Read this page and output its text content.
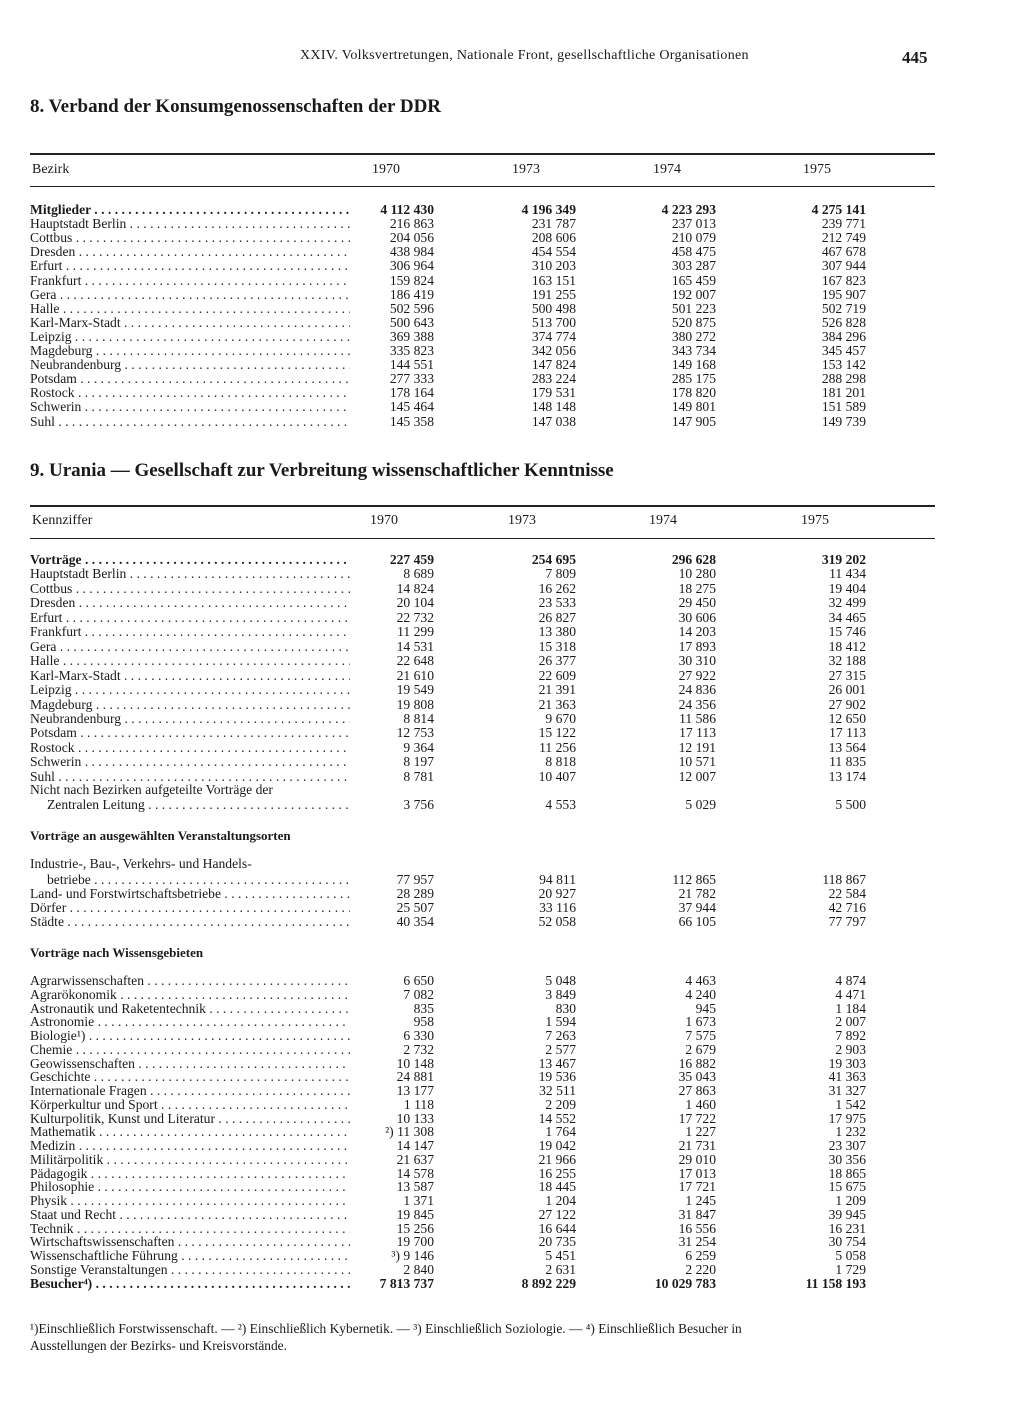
XXIV. Volksvertretungen, Nationale Front, gesellschaftliche Organisationen	445
8. Verband der Konsumgenossenschaften der DDR
Bezirk	1970	1973	1974	1975
Mitglieder . . .	4 112 430	4 196 349	4 223 293	4 275 141
Hauptstadt Berlin . . .	216 863	231 787	237 013	239 771
Cottbus . . .	204 056	208 606	210 079	212 749
Dresden . . .	438 984	454 554	458 475	467 678
Erfurt . . .	306 964	310 203	303 287	307 944
Frankfurt . . .	159 824	163 151	165 459	167 823
Gera . . .	186 419	191 255	192 007	195 907
Halle . . .	502 596	500 498	501 223	502 719
Karl-Marx-Stadt . . .	500 643	513 700	520 875	526 828
Leipzig . . .	369 388	374 774	380 272	384 296
Magdeburg . . .	335 823	342 056	343 734	345 457
Neubrandenburg . . .	144 551	147 824	149 168	153 142
Potsdam . . .	277 333	283 224	285 175	288 298
Rostock . . .	178 164	179 531	178 820	181 201
Schwerin . . .	145 464	148 148	149 801	151 589
Suhl . . .	145 358	147 038	147 905	149 739
9. Urania — Gesellschaft zur Verbreitung wissenschaftlicher Kenntnisse
Kennziffer	1970	1973	1974	1975
Vorträge . . .	227 459	254 695	296 628	319 202
Hauptstadt Berlin . . .	8 689	7 809	10 280	11 434
Cottbus . . .	14 824	16 262	18 275	19 404
Dresden . . .	20 104	23 533	29 450	32 499
Erfurt . . .	22 732	26 827	30 606	34 465
Frankfurt . . .	11 299	13 380	14 203	15 746
Gera . . .	14 531	15 318	17 893	18 412
Halle . . .	22 648	26 377	30 310	32 188
Karl-Marx-Stadt . . .	21 610	22 609	27 922	27 315
Leipzig . . .	19 549	21 391	24 836	26 001
Magdeburg . . .	19 808	21 363	24 356	27 902
Neubrandenburg . . .	8 814	9 670	11 586	12 650
Potsdam . . .	12 753	15 122	17 113	17 113
Rostock . . .	9 364	11 256	12 191	13 564
Schwerin . . .	8 197	8 818	10 571	11 835
Suhl . . .	8 781	10 407	12 007	13 174
Nicht nach Bezirken aufgeteilte Vorträge der
Zentralen Leitung . . .	3 756	4 553	5 029	5 500
Vorträge an ausgewählten Veranstaltungsorten
Industrie-, Bau-, Verkehrs- und Handels-
betriebe . . .	77 957	94 811	112 865	118 867
Land- und Forstwirtschaftsbetriebe . . .	28 289	20 927	21 782	22 584
Dörfer . . .	25 507	33 116	37 944	42 716
Städte . . .	40 354	52 058	66 105	77 797
Vorträge nach Wissensgebieten
Agrarwissenschaften . . .	6 650	5 048	4 463	4 874
Agrarökonomik . . .	7 082	3 849	4 240	4 471
Astronautik und Raketentechnik . . .	835	830	945	1 184
Astronomie . . .	958	1 594	1 673	2 007
Biologie¹) . . .	6 330	7 263	7 575	7 892
Chemie . . .	2 732	2 577	2 679	2 903
Geowissenschaften . . .	10 148	13 467	16 882	19 303
Geschichte . . .	24 881	19 536	35 043	41 363
Internationale Fragen . . .	13 177	32 511	27 863	31 327
Körperkultur und Sport . . .	1 118	2 209	1 460	1 542
Kulturpolitik, Kunst und Literatur . . .	10 133	14 552	17 722	17 975
Mathematik . . .	²) 11 308	1 764	1 227	1 232
Medizin . . .	14 147	19 042	21 731	23 307
Militärpolitik . . .	21 637	21 966	29 010	30 356
Pädagogik . . .	14 578	16 255	17 013	18 865
Philosophie . . .	13 587	18 445	17 721	15 675
Physik . . .	1 371	1 204	1 245	1 209
Staat und Recht . . .	19 845	27 122	31 847	39 945
Technik . . .	15 256	16 644	16 556	16 231
Wirtschaftswissenschaften . . .	19 700	20 735	31 254	30 754
Wissenschaftliche Führung . . .	³) 9 146	5 451	6 259	5 058
Sonstige Veranstaltungen . . .	2 840	2 631	2 220	1 729
Besucher⁴) . . .	7 813 737	8 892 229	10 029 783	11 158 193
¹)Einschließlich Forstwissenschaft. — ²) Einschließlich Kybernetik. — ³) Einschließlich Soziologie. — ⁴) Einschließlich Besucher in
Ausstellungen der Bezirks- und Kreisvorstände.
